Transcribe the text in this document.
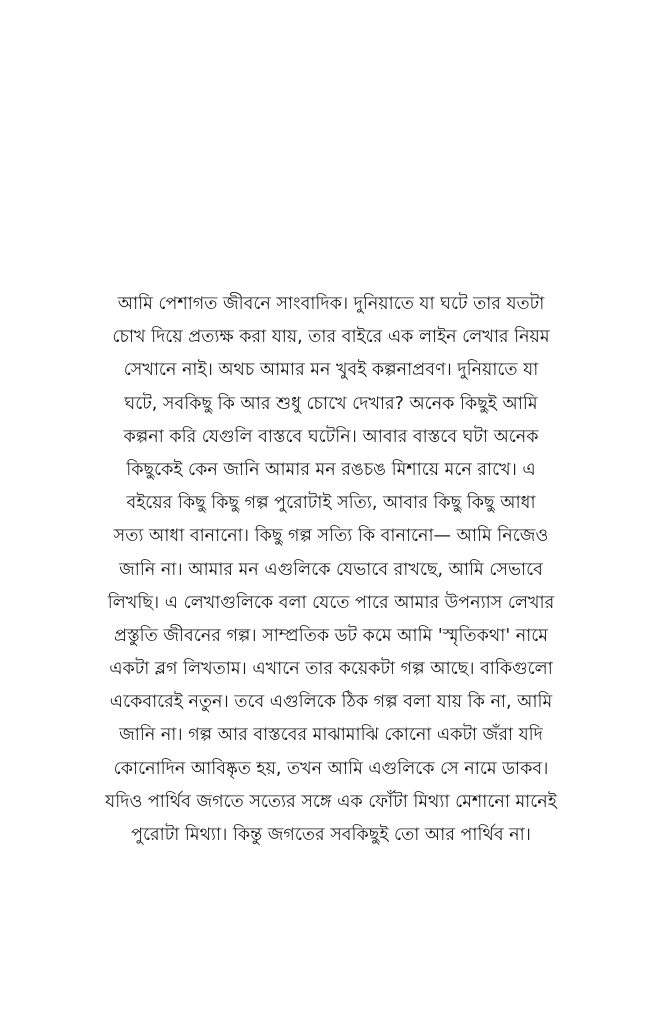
আমি পেশাগত জীবনে সাংবাদিক। দুনিয়াতে যা ঘটে তার যতটা
চোখ দিয়ে প্রত্যক্ষ করা যায়, তার বাইরে এক লাইন লেখার নিয়ম
সেখানে নাই। অথচ আমার মন খুবই কল্পনাপ্রবণ। দুনিয়াতে যা
ঘটে, সবকিছু কি আর শুধু চোখে দেখার? অনেক কিছুই আমি
কল্পনা করি যেগুলি বাস্তবে ঘটেনি। আবার বাস্তবে ঘটা অনেক
কিছুকেই কেন জানি আমার মন রঙচঙ মিশায়ে মনে রাখে। এ
বইয়ের কিছু কিছু গল্প পুরোটাই সত্যি, আবার কিছু কিছু আধা
সত্য আধা বানানো। কিছু গল্প সত্যি কি বানানো— আমি নিজেও
জানি না। আমার মন এগুলিকে যেভাবে রাখছে, আমি সেভাবে
লিখছি। এ লেখাগুলিকে বলা যেতে পারে আমার উপন্যাস লেখার
প্রস্তুতি জীবনের গল্প। সাম্প্রতিক ডট কমে আমি 'স্মৃতিকথা' নামে
একটা ব্লগ লিখতাম। এখানে তার কয়েকটা গল্প আছে। বাকিগুলো
একেবারেই নতুন। তবে এগুলিকে ঠিক গল্প বলা যায় কি না, আমি
জানি না। গল্প আর বাস্তবের মাঝামাঝি কোনো একটা জঁরা যদি
কোনোদিন আবিষ্কৃত হয়, তখন আমি এগুলিকে সে নামে ডাকব।
যদিও পার্থিব জগতে সত্যের সঙ্গে এক ফোঁটা মিথ্যা মেশানো মানেই
পুরোটা মিথ্যা। কিন্তু জগতের সবকিছুই তো আর পার্থিব না।
